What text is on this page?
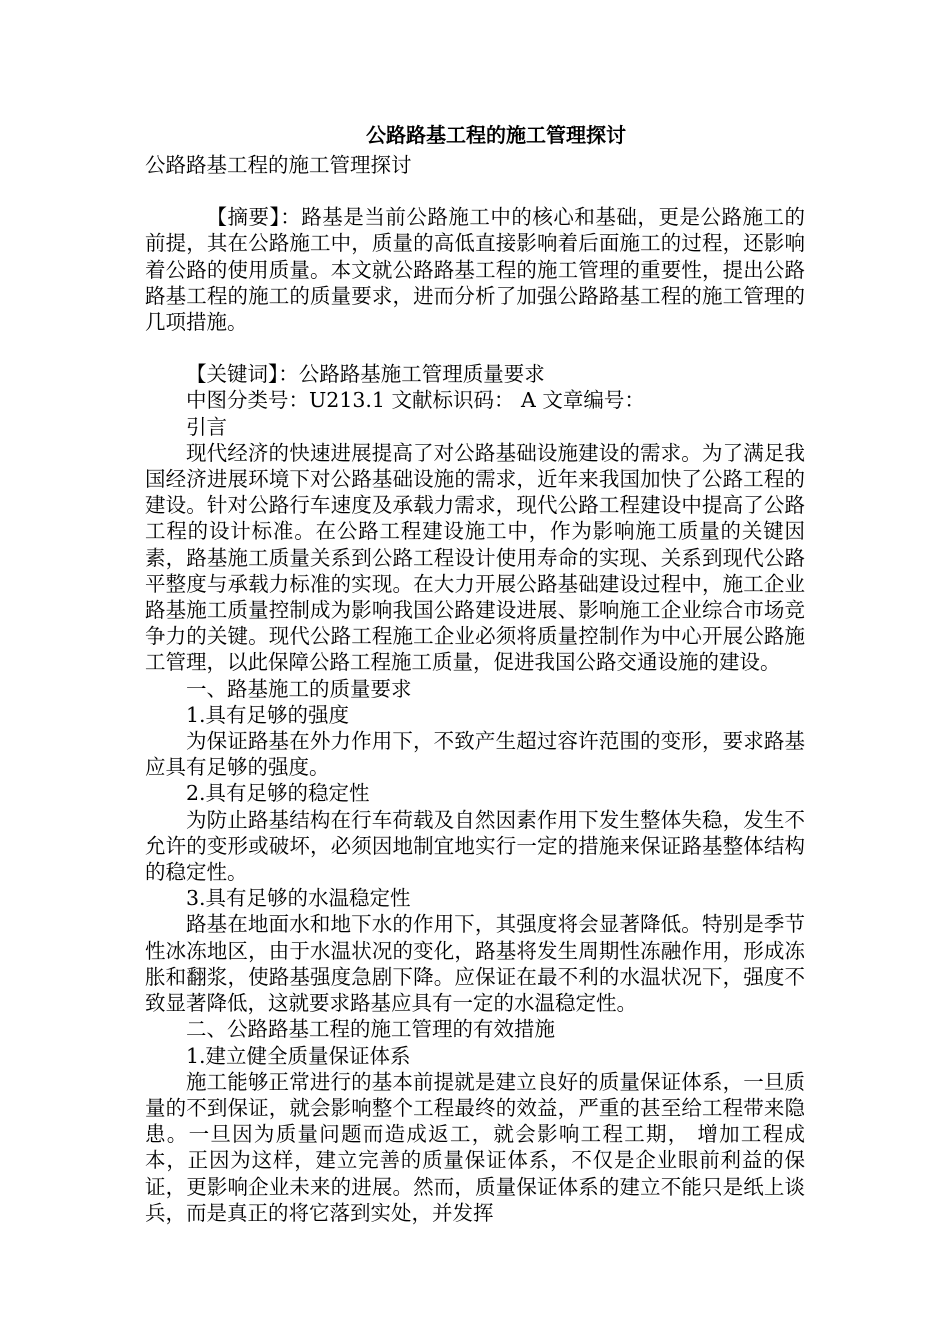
公路路基工程的施工管理探讨

公路路基工程的施工管理探讨

【摘要】：路基是当前公路施工中的核心和基础，更是公路施工的前提，其在公路施工中，质量的高低直接影响着后面施工的过程，还影响着公路的使用质量。本文就公路路基工程的施工管理的重要性，提出公路路基工程的施工的质量要求，进而分析了加强公路路基工程的施工管理的几项措施。

【关键词】：公路路基施工管理质量要求

中图分类号：U213.1 文献标识码： A 文章编号：

引言

现代经济的快速进展提高了对公路基础设施建设的需求。为了满足我国经济进展环境下对公路基础设施的需求，近年来我国加快了公路工程的建设。针对公路行车速度及承载力需求，现代公路工程建设中提高了公路工程的设计标准。在公路工程建设施工中，作为影响施工质量的关键因素，路基施工质量关系到公路工程设计使用寿命的实现、关系到现代公路平整度与承载力标准的实现。在大力开展公路基础建设过程中，施工企业路基施工质量控制成为影响我国公路建设进展、影响施工企业综合市场竞争力的关键。现代公路工程施工企业必须将质量控制作为中心开展公路施工管理，以此保障公路工程施工质量，促进我国公路交通设施的建设。

一、路基施工的质量要求

1.具有足够的强度

为保证路基在外力作用下，不致产生超过容许范围的变形，要求路基应具有足够的强度。

2.具有足够的稳定性

为防止路基结构在行车荷载及自然因素作用下发生整体失稳，发生不允许的变形或破坏，必须因地制宜地实行一定的措施来保证路基整体结构的稳定性。

3.具有足够的水温稳定性

路基在地面水和地下水的作用下，其强度将会显著降低。特别是季节性冰冻地区，由于水温状况的变化，路基将发生周期性冻融作用，形成冻胀和翻浆，使路基强度急剧下降。应保证在最不利的水温状况下，强度不致显著降低，这就要求路基应具有一定的水温稳定性。

二、公路路基工程的施工管理的有效措施

1.建立健全质量保证体系

施工能够正常进行的基本前提就是建立良好的质量保证体系，一旦质量的不到保证，就会影响整个工程最终的效益，严重的甚至给工程带来隐患。一旦因为质量问题而造成返工，就会影响工程工期， 增加工程成本，正因为这样，建立完善的质量保证体系，不仅是企业眼前利益的保证，更影响企业未来的进展。然而，质量保证体系的建立不能只是纸上谈兵，而是真正的将它落到实处，并发挥
